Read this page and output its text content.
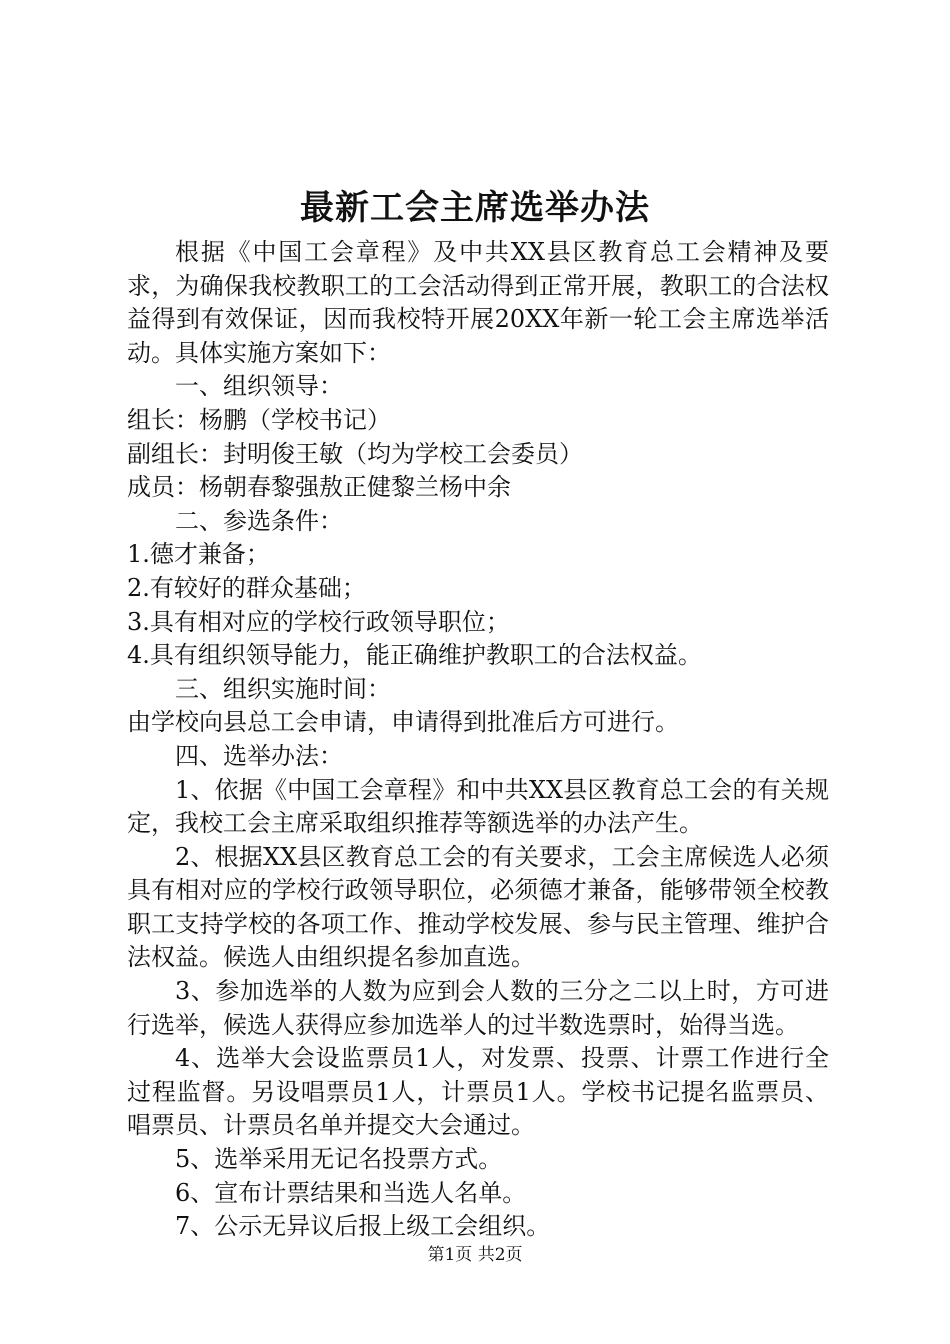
最新工会主席选举办法

根据《中国工会章程》及中共XX县区教育总工会精神及要求，为确保我校教职工的工会活动得到正常开展，教职工的合法权益得到有效保证，因而我校特开展20XX年新一轮工会主席选举活动。具体实施方案如下：

一、组织领导：

组长：杨鹏（学校书记）

副组长：封明俊王敏（均为学校工会委员）

成员：杨朝春黎强敖正健黎兰杨中余

二、参选条件：

1.德才兼备；

2.有较好的群众基础；

3.具有相对应的学校行政领导职位；

4.具有组织领导能力，能正确维护教职工的合法权益。

三、组织实施时间：

由学校向县总工会申请，申请得到批准后方可进行。

四、选举办法：

1、依据《中国工会章程》和中共XX县区教育总工会的有关规定，我校工会主席采取组织推荐等额选举的办法产生。

2、根据XX县区教育总工会的有关要求，工会主席候选人必须具有相对应的学校行政领导职位，必须德才兼备，能够带领全校教职工支持学校的各项工作、推动学校发展、参与民主管理、维护合法权益。候选人由组织提名参加直选。

3、参加选举的人数为应到会人数的三分之二以上时，方可进行选举，候选人获得应参加选举人的过半数选票时，始得当选。

4、选举大会设监票员1人，对发票、投票、计票工作进行全过程监督。另设唱票员1人，计票员1人。学校书记提名监票员、唱票员、计票员名单并提交大会通过。

5、选举采用无记名投票方式。

6、宣布计票结果和当选人名单。

7、公示无异议后报上级工会组织。

第1页 共2页
